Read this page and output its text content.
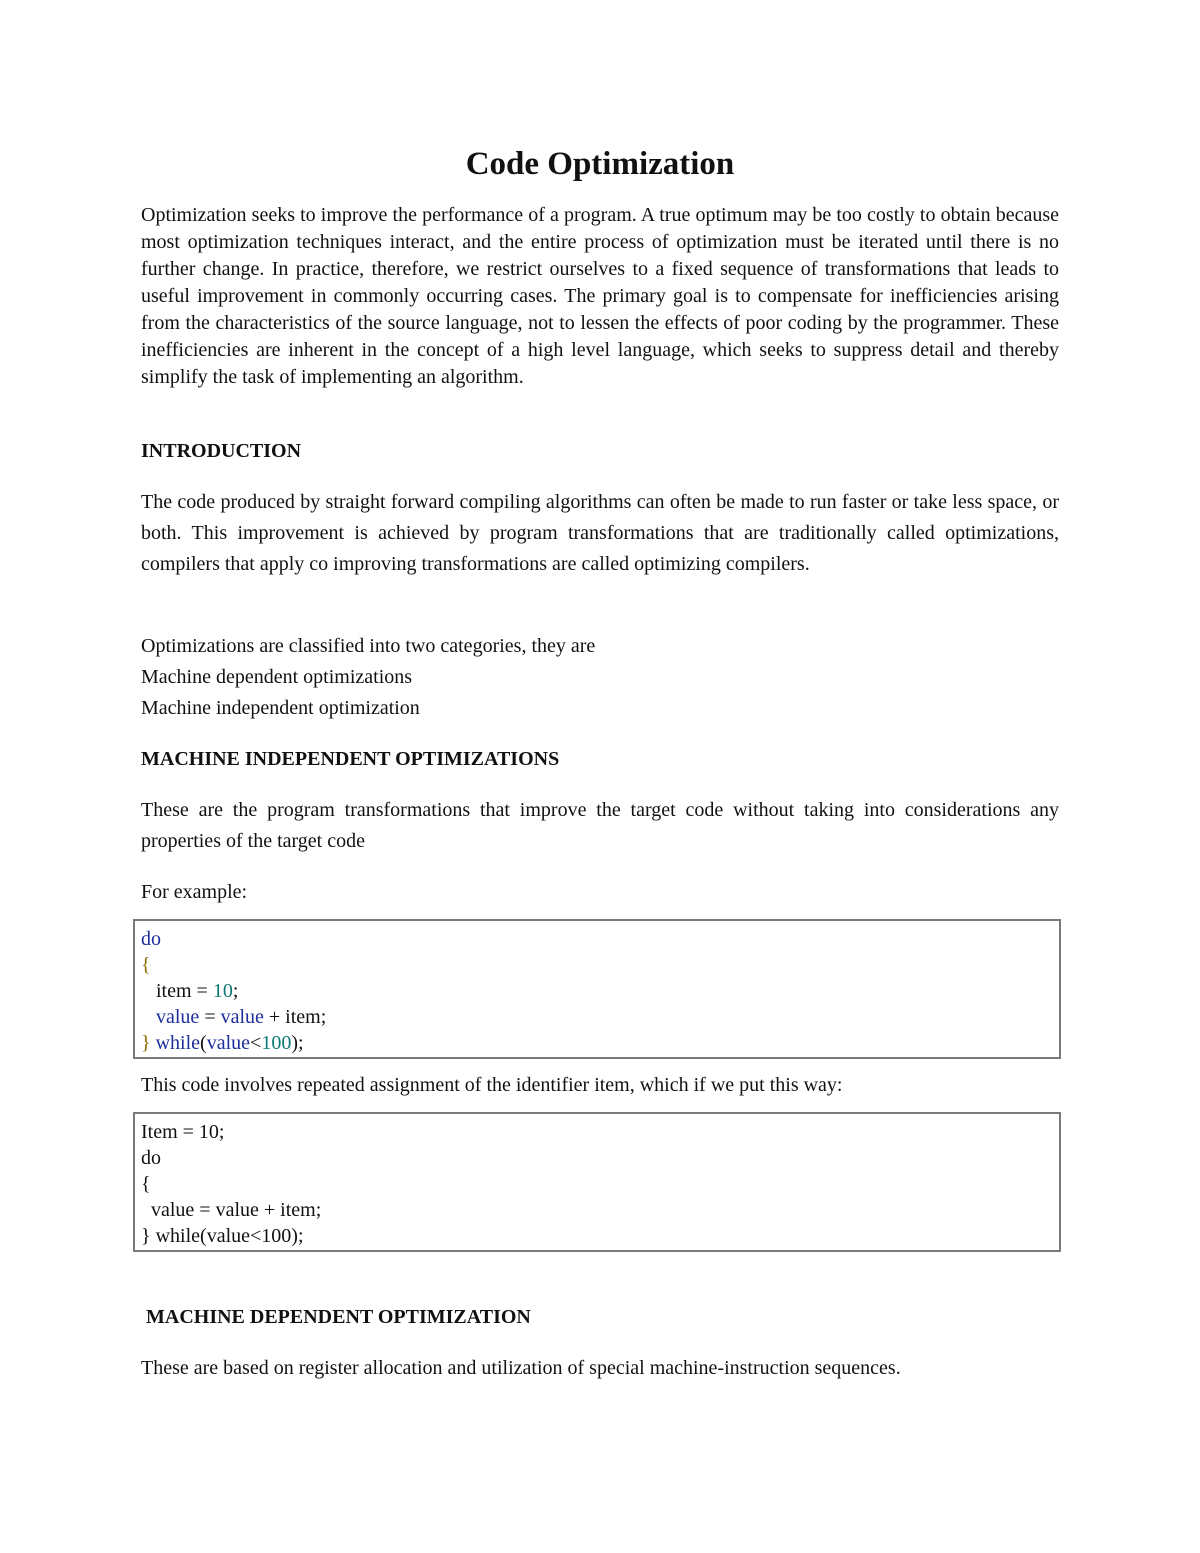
Code Optimization

Optimization seeks to improve the performance of a program. A true optimum may be too costly to obtain because most optimization techniques interact, and the entire process of optimization must be iterated until there is no further change. In practice, therefore, we restrict ourselves to a fixed sequence of transformations that leads to useful improvement in commonly occurring cases. The primary goal is to compensate for inefficiencies arising from the characteristics of the source language, not to lessen the effects of poor coding by the programmer. These inefficiencies are inherent in the concept of a high level language, which seeks to suppress detail and thereby simplify the task of implementing an algorithm.

INTRODUCTION

The code produced by straight forward compiling algorithms can often be made to run faster or take less space, or both. This improvement is achieved by program transformations that are traditionally called optimizations, compilers that apply co improving transformations are called optimizing compilers.

Optimizations are classified into two categories, they are

Machine dependent optimizations

Machine independent optimization

MACHINE INDEPENDENT OPTIMIZATIONS

These are the program transformations that improve the target code without taking into considerations any properties of the target code

For example:

do
{
item = 10;
value = value + item;
} while(value<100);

This code involves repeated assignment of the identifier item, which if we put this way:

Item = 10;
do
{
value = value + item;
} while(value<100);

MACHINE DEPENDENT OPTIMIZATION

These are based on register allocation and utilization of special machine-instruction sequences.
